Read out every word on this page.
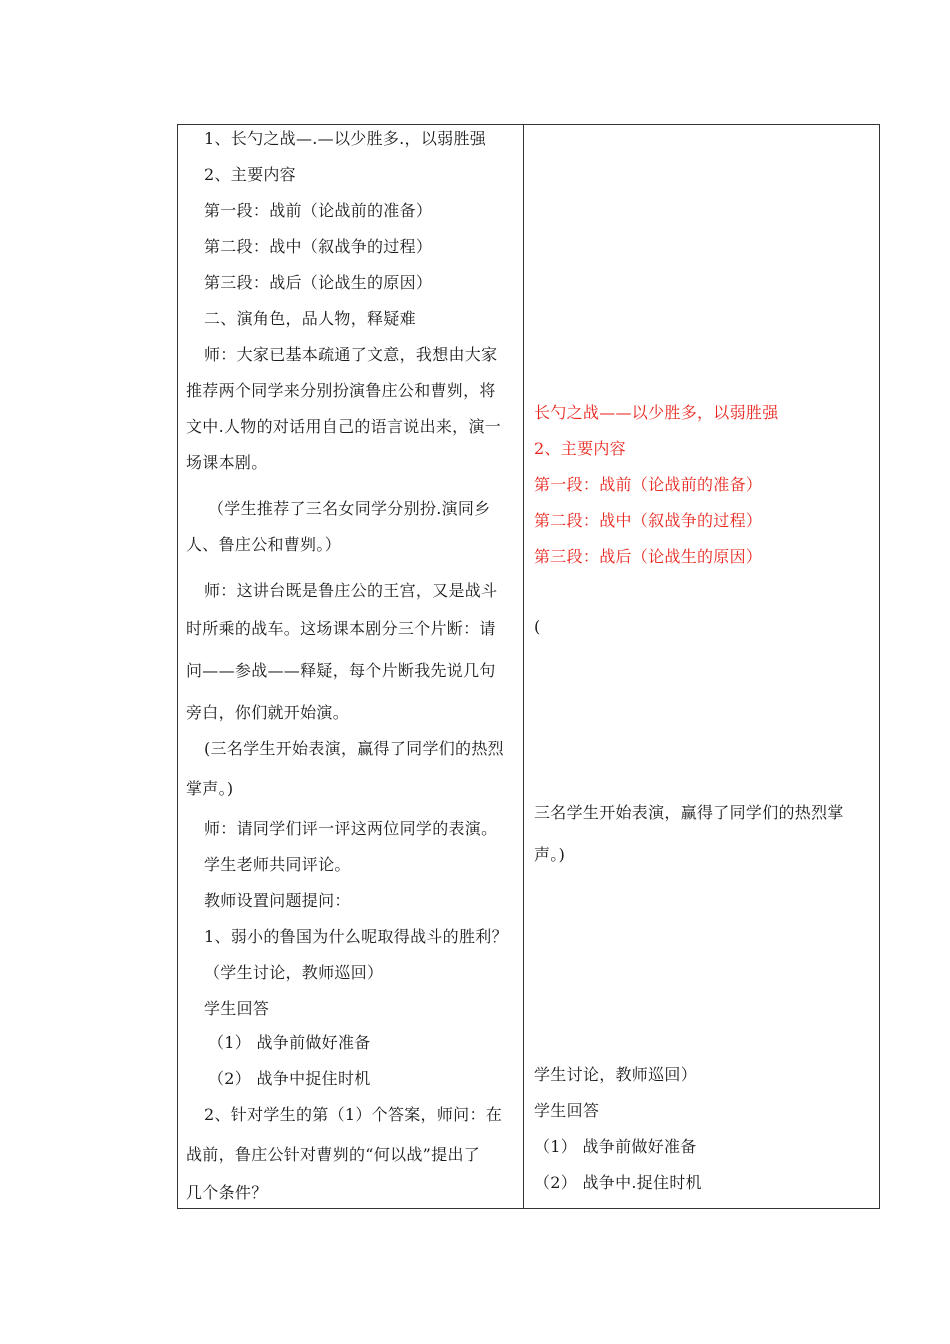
1、长勺之战—.—以少胜多.，以弱胜强
2、主要内容
第一段：战前（论战前的准备）
第二段：战中（叙战争的过程）
第三段：战后（论战生的原因）
二、演角色，品人物，释疑难
师：大家已基本疏通了文意，我想由大家
推荐两个同学来分别扮演鲁庄公和曹刿，将
文中.人物的对话用自己的语言说出来，演一
场课本剧。
（学生推荐了三名女同学分别扮.演同乡
人、鲁庄公和曹刿。）
师：这讲台既是鲁庄公的王宫，又是战斗
时所乘的战车。这场课本剧分三个片断：请
问——参战——释疑，每个片断我先说几句
旁白，你们就开始演。
(三名学生开始表演，赢得了同学们的热烈
掌声。)
师：请同学们评一评这两位同学的表演。
学生老师共同评论。
教师设置问题提问：
1、弱小的鲁国为什么呢取得战斗的胜利？
（学生讨论，教师巡回）
学生回答
（1） 战争前做好准备
（2） 战争中捉住时机
2、针对学生的第（1）个答案，师问：在
战前，鲁庄公针对曹刿的“何以战”提出了
几个条件？

长勺之战——以少胜多，以弱胜强
2、主要内容
第一段：战前（论战前的准备）
第二段：战中（叙战争的过程）
第三段：战后（论战生的原因）
(
三名学生开始表演，赢得了同学们的热烈掌
声。)
学生讨论，教师巡回）
学生回答
（1） 战争前做好准备
（2） 战争中.捉住时机
